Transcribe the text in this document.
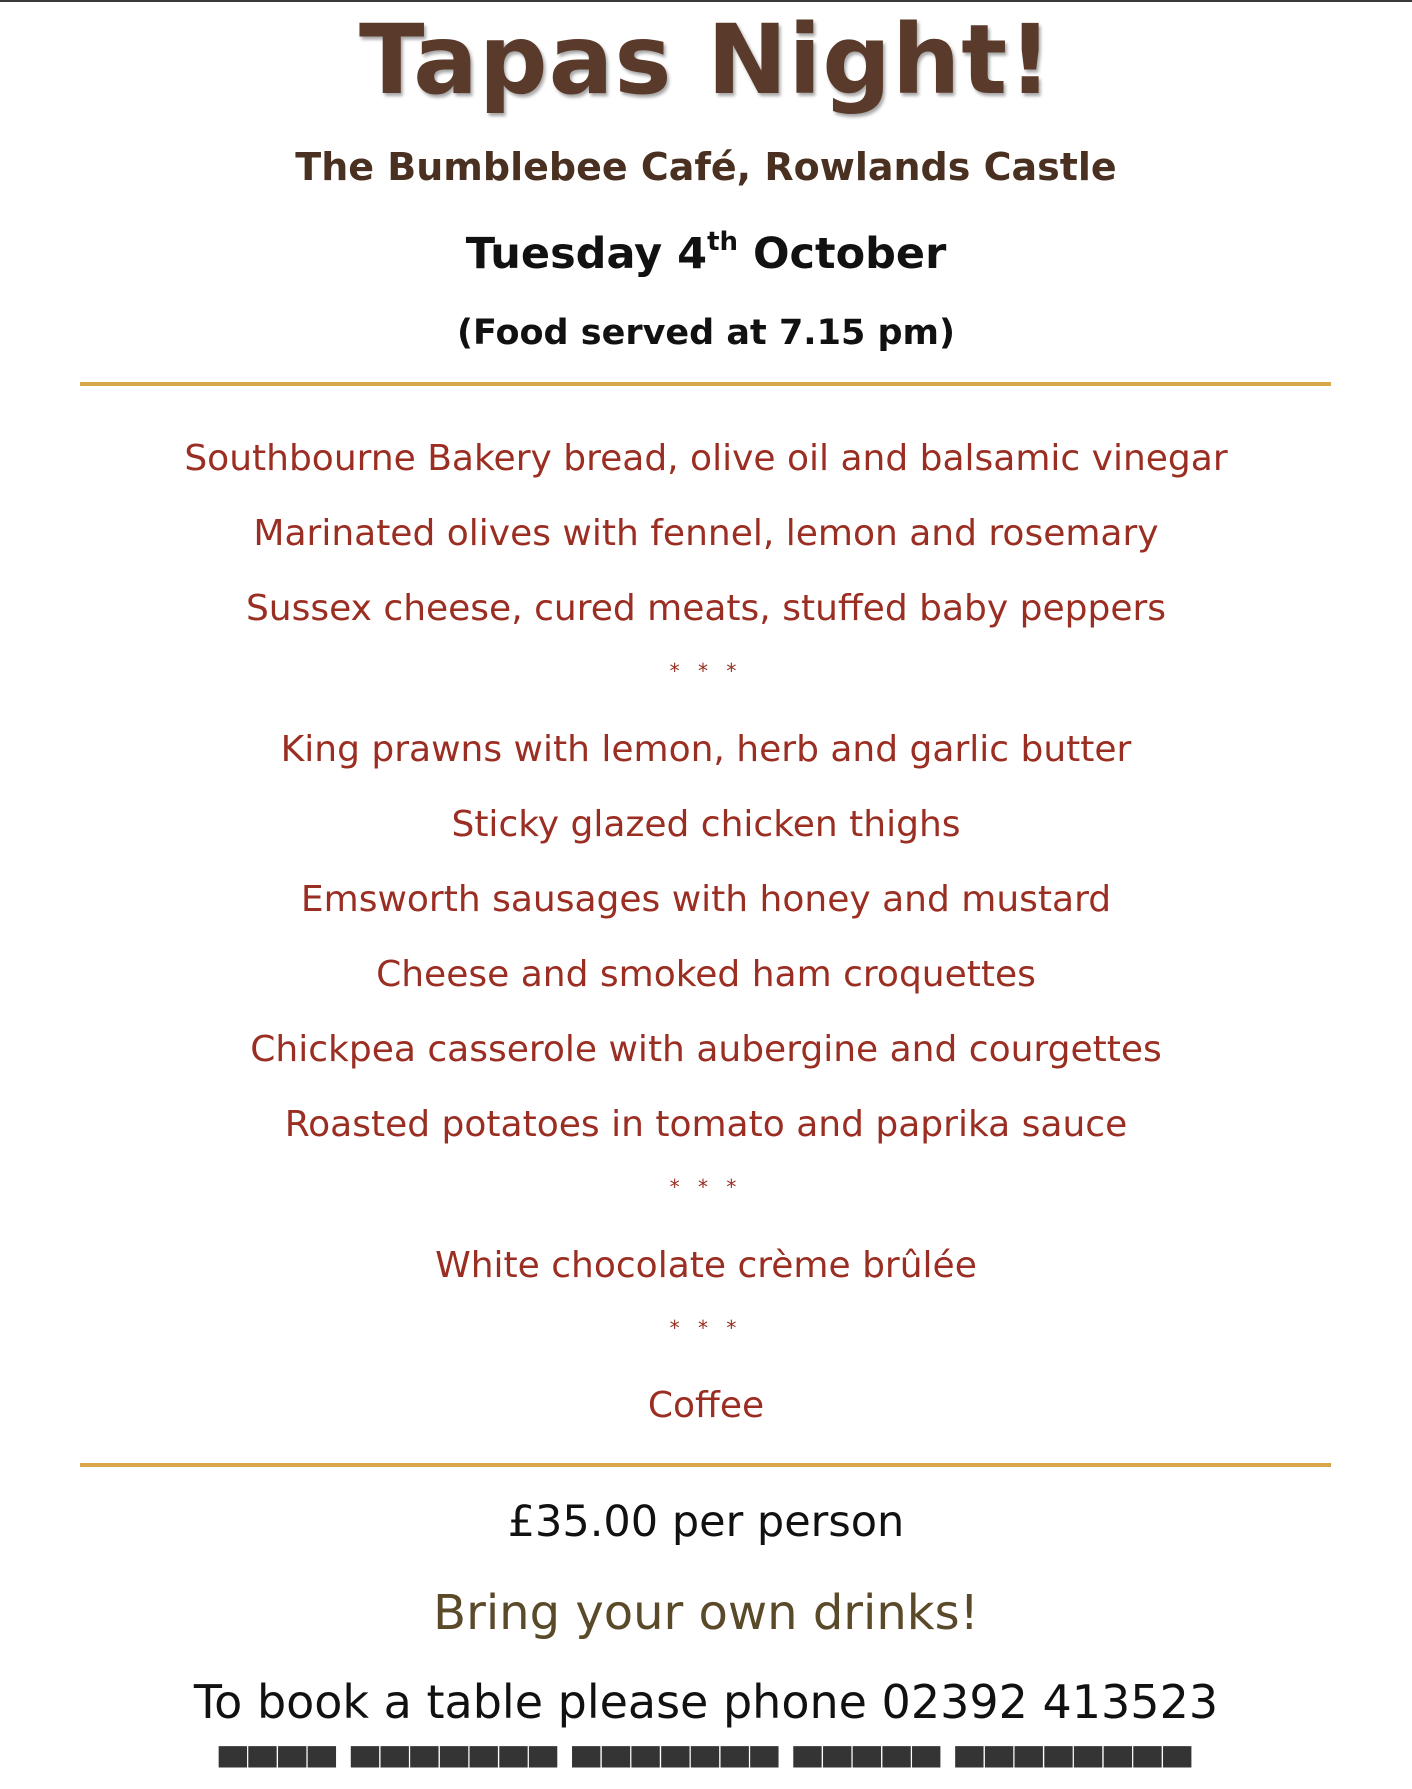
Tapas Night!
The Bumblebee Café, Rowlands Castle
Tuesday 4th October
(Food served at 7.15 pm)
Southbourne Bakery bread, olive oil and balsamic vinegar
Marinated olives with fennel, lemon and rosemary
Sussex cheese, cured meats, stuffed baby peppers
* * *
King prawns with lemon, herb and garlic butter
Sticky glazed chicken thighs
Emsworth sausages with honey and mustard
Cheese and smoked ham croquettes
Chickpea casserole with aubergine and courgettes
Roasted potatoes in tomato and paprika sauce
* * *
White chocolate crème brûlée
* * *
Coffee
£35.00 per person
Bring your own drinks!
To book a table please phone 02392 413523
▀▀▀▀ ▀▀▀▀▀▀▀ ▀▀▀▀▀▀▀ ▀▀▀▀▀ ▀▀▀▀▀▀▀▀
